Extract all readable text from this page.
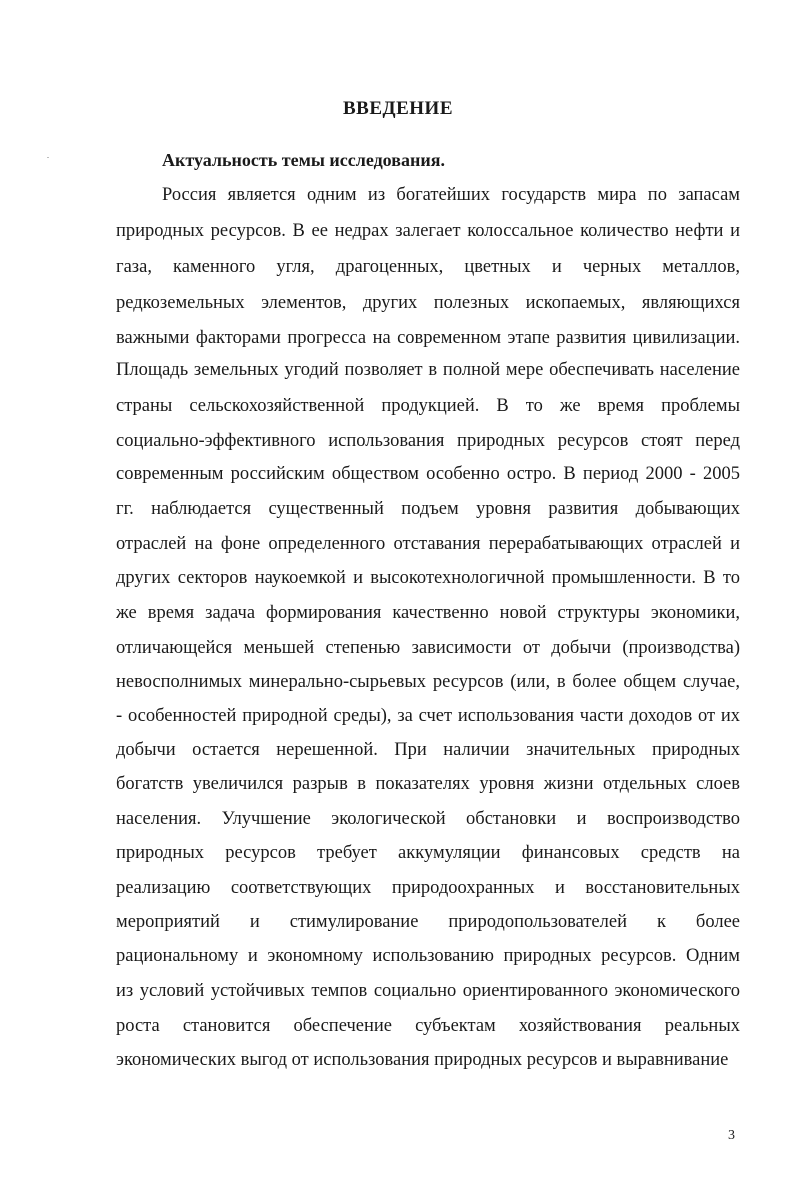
ВВЕДЕНИЕ
Актуальность темы исследования.

Россия является одним из богатейших государств мира по запасам

природных ресурсов. В ее недрах залегает колоссальное количество нефти и

газа, каменного угля, драгоценных, цветных и черных металлов,

редкоземельных элементов, других полезных ископаемых, являющихся

важными факторами прогресса на современном этапе развития цивилизации.

Площадь земельных угодий позволяет в полной мере обеспечивать население

страны сельскохозяйственной продукцией. В то же время проблемы

социально-эффективного использования природных ресурсов стоят перед

современным российским обществом особенно остро. В период 2000 - 2005

гг. наблюдается существенный подъем уровня развития добывающих

отраслей на фоне определенного отставания перерабатывающих отраслей и

других секторов наукоемкой и высокотехнологичной промышленности. В то

же время задача формирования качественно новой структуры экономики,

отличающейся меньшей степенью зависимости от добычи (производства)

невосполнимых минерально-сырьевых ресурсов (или, в более общем случае,

- особенностей природной среды), за счет использования части доходов от их

добычи остается нерешенной. При наличии значительных природных

богатств увеличился разрыв в показателях уровня жизни отдельных слоев

населения. Улучшение экологической обстановки и воспроизводство

природных ресурсов требует аккумуляции финансовых средств на

реализацию соответствующих природоохранных и восстановительных

мероприятий и стимулирование природопользователей к более

рациональному и экономному использованию природных ресурсов. Одним

из условий устойчивых темпов социально ориентированного экономического

роста становится обеспечение субъектам хозяйствования реальных

экономических выгод от использования природных ресурсов и выравнивание

3
